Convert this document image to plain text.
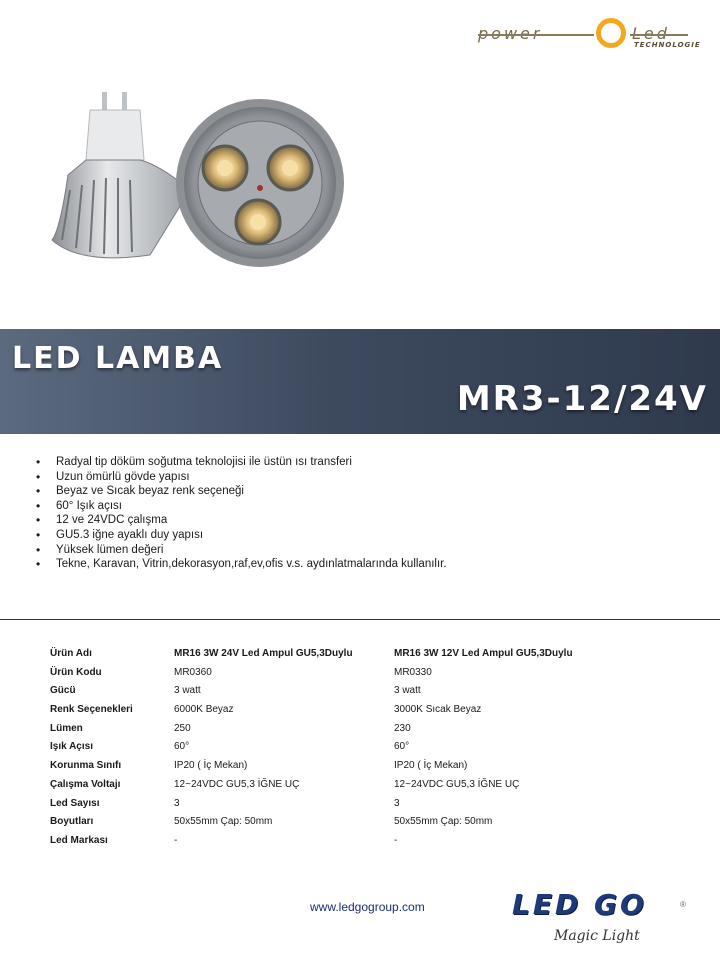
TECHNOLOGIE
LED LAMBA
MR3-12/24V
• Radyal tip döküm soğutma teknolojisi ile üstün ısı transferi
• Uzun ömürlü gövde yapısı
• Beyaz ve Sıcak beyaz renk seçeneği
• 60° Işık açısı
• 12 ve 24VDC çalışma
• GU5.3 iğne ayaklı duy yapısı
• Yüksek lümen değeri
• Tekne, Karavan, Vitrin,dekorasyon,raf,ev,ofis v.s. aydınlatmalarında kullanılır.
Ürün Adı	MR16 3W 24V Led Ampul GU5,3Duylu	MR16 3W 12V Led Ampul GU5,3Duylu
Ürün Kodu	MR0360	MR0330
Gücü	3 watt	3 watt
Renk Seçenekleri	6000K Beyaz	3000K Sıcak Beyaz
Lümen	250	230
Işık Açısı	60°	60°
Korunma Sınıfı	IP20 ( İç Mekan)	IP20 ( İç Mekan)
Çalışma Voltajı	12~24VDC GU5,3 İĞNE UÇ	12~24VDC GU5,3 İĞNE UÇ
Led Sayısı	3	3
Boyutları	50x55mm Çap: 50mm	50x55mm Çap: 50mm
Led Markası	-	-
www.ledgogroup.com	LED GO	®
Magic Light
